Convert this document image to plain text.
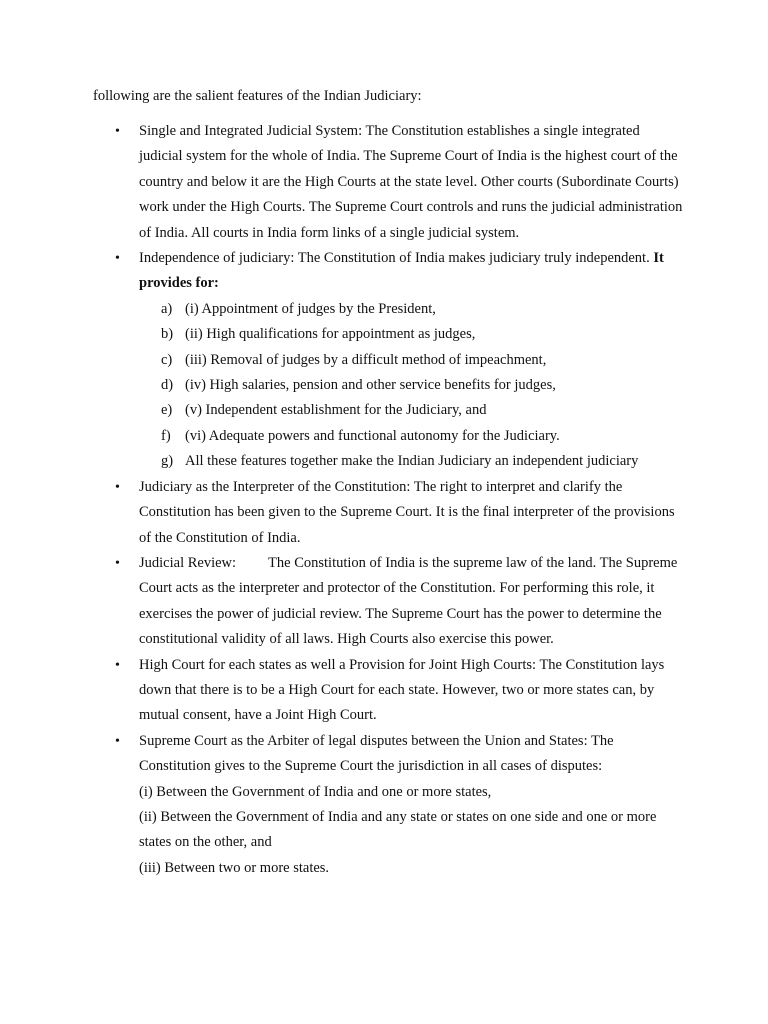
following are the salient features of the Indian Judiciary:

• Single and Integrated Judicial System: The Constitution establishes a single integrated judicial system for the whole of India. The Supreme Court of India is the highest court of the country and below it are the High Courts at the state level. Other courts (Subordinate Courts) work under the High Courts. The Supreme Court controls and runs the judicial administration of India. All courts in India form links of a single judicial system.
• Independence of judiciary: The Constitution of India makes judiciary truly independent. It provides for:
a) (i) Appointment of judges by the President,
b) (ii) High qualifications for appointment as judges,
c) (iii) Removal of judges by a difficult method of impeachment,
d) (iv) High salaries, pension and other service benefits for judges,
e) (v) Independent establishment for the Judiciary, and
f) (vi) Adequate powers and functional autonomy for the Judiciary.
g) All these features together make the Indian Judiciary an independent judiciary
• Judiciary as the Interpreter of the Constitution: The right to interpret and clarify the Constitution has been given to the Supreme Court. It is the final interpreter of the provisions of the Constitution of India.
• Judicial Review: The Constitution of India is the supreme law of the land. The Supreme Court acts as the interpreter and protector of the Constitution. For performing this role, it exercises the power of judicial review. The Supreme Court has the power to determine the constitutional validity of all laws. High Courts also exercise this power.
• High Court for each states as well a Provision for Joint High Courts: The Constitution lays down that there is to be a High Court for each state. However, two or more states can, by mutual consent, have a Joint High Court.
• Supreme Court as the Arbiter of legal disputes between the Union and States: The Constitution gives to the Supreme Court the jurisdiction in all cases of disputes:
(i) Between the Government of India and one or more states,
(ii) Between the Government of India and any state or states on one side and one or more states on the other, and
(iii) Between two or more states.
